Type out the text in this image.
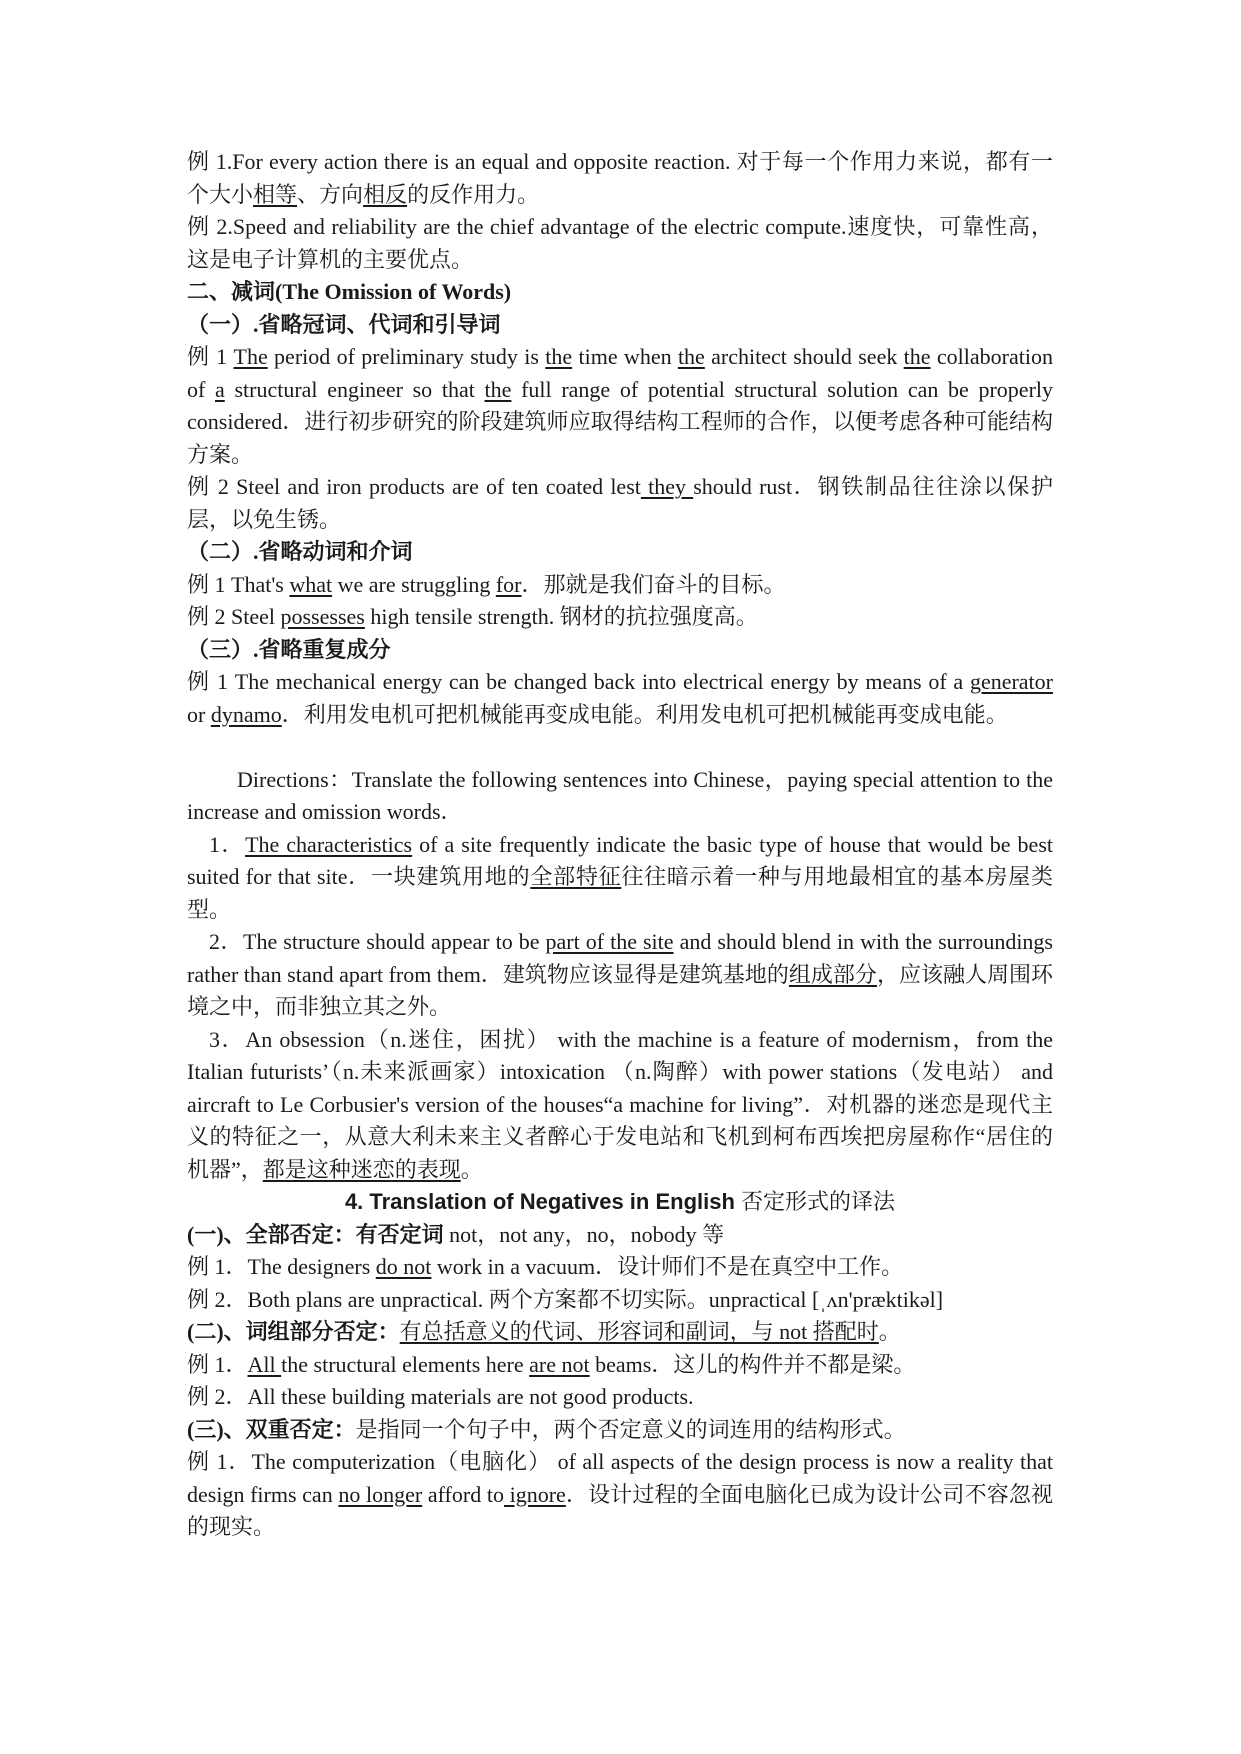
例 1.For every action there is an equal and opposite reaction. 对于每一个作用力来说，都有一个大小相等、方向相反的反作用力。

例 2.Speed and reliability are the chief advantage of the electric compute.速度快，可靠性高，这是电子计算机的主要优点。

二、减词(The Omission of Words)

（一）.省略冠词、代词和引导词

例 1 The period of preliminary study is the time when the architect should seek the collaboration of a structural engineer so that the full range of potential structural solution can be properly considered．进行初步研究的阶段建筑师应取得结构工程师的合作，以便考虑各种可能结构方案。

例 2 Steel and iron products are of ten coated lest they should rust．钢铁制品往往涂以保护层，以免生锈。

（二）.省略动词和介词

例 1 That's what we are struggling for．那就是我们奋斗的目标。

例 2 Steel possesses high tensile strength. 钢材的抗拉强度高。

（三）.省略重复成分

例 1 The mechanical energy can be changed back into electrical energy by means of a generator or dynamo．利用发电机可把机械能再变成电能。利用发电机可把机械能再变成电能。

Directions：Translate the following sentences into Chinese，paying special attention to the increase and omission words．

1．The characteristics of a site frequently indicate the basic type of house that would be best suited for that site．一块建筑用地的全部特征往往暗示着一种与用地最相宜的基本房屋类型。

2．The structure should appear to be part of the site and should blend in with the surroundings rather than stand apart from them．建筑物应该显得是建筑基地的组成部分，应该融人周围环境之中，而非独立其之外。

3．An obsession（n.迷住，困扰） with the machine is a feature of modernism，from the Italian futurists’（n.未来派画家）intoxication （n.陶醉）with power stations（发电站） and aircraft to Le Corbusier's version of the houses“a machine for living”．对机器的迷恋是现代主义的特征之一，从意大利未来主义者醉心于发电站和飞机到柯布西埃把房屋称作“居住的机器”，都是这种迷恋的表现。

4. Translation of Negatives in English 否定形式的译法

(一)、全部否定：有否定词 not，not any，no，nobody 等

例 1．The designers do not work in a vacuum．设计师们不是在真空中工作。

例 2．Both plans are unpractical. 两个方案都不切实际。unpractical [ˌʌn'præktikəl]

(二)、词组部分否定：有总括意义的代词、形容词和副词，与 not 搭配时。

例 1．All the structural elements here are not beams．这儿的构件并不都是梁。

例 2．All these building materials are not good products.

(三)、双重否定：是指同一个句子中，两个否定意义的词连用的结构形式。

例 1．The computerization（电脑化） of all aspects of the design process is now a reality that design firms can no longer afford to ignore．设计过程的全面电脑化已成为设计公司不容忽视的现实。
